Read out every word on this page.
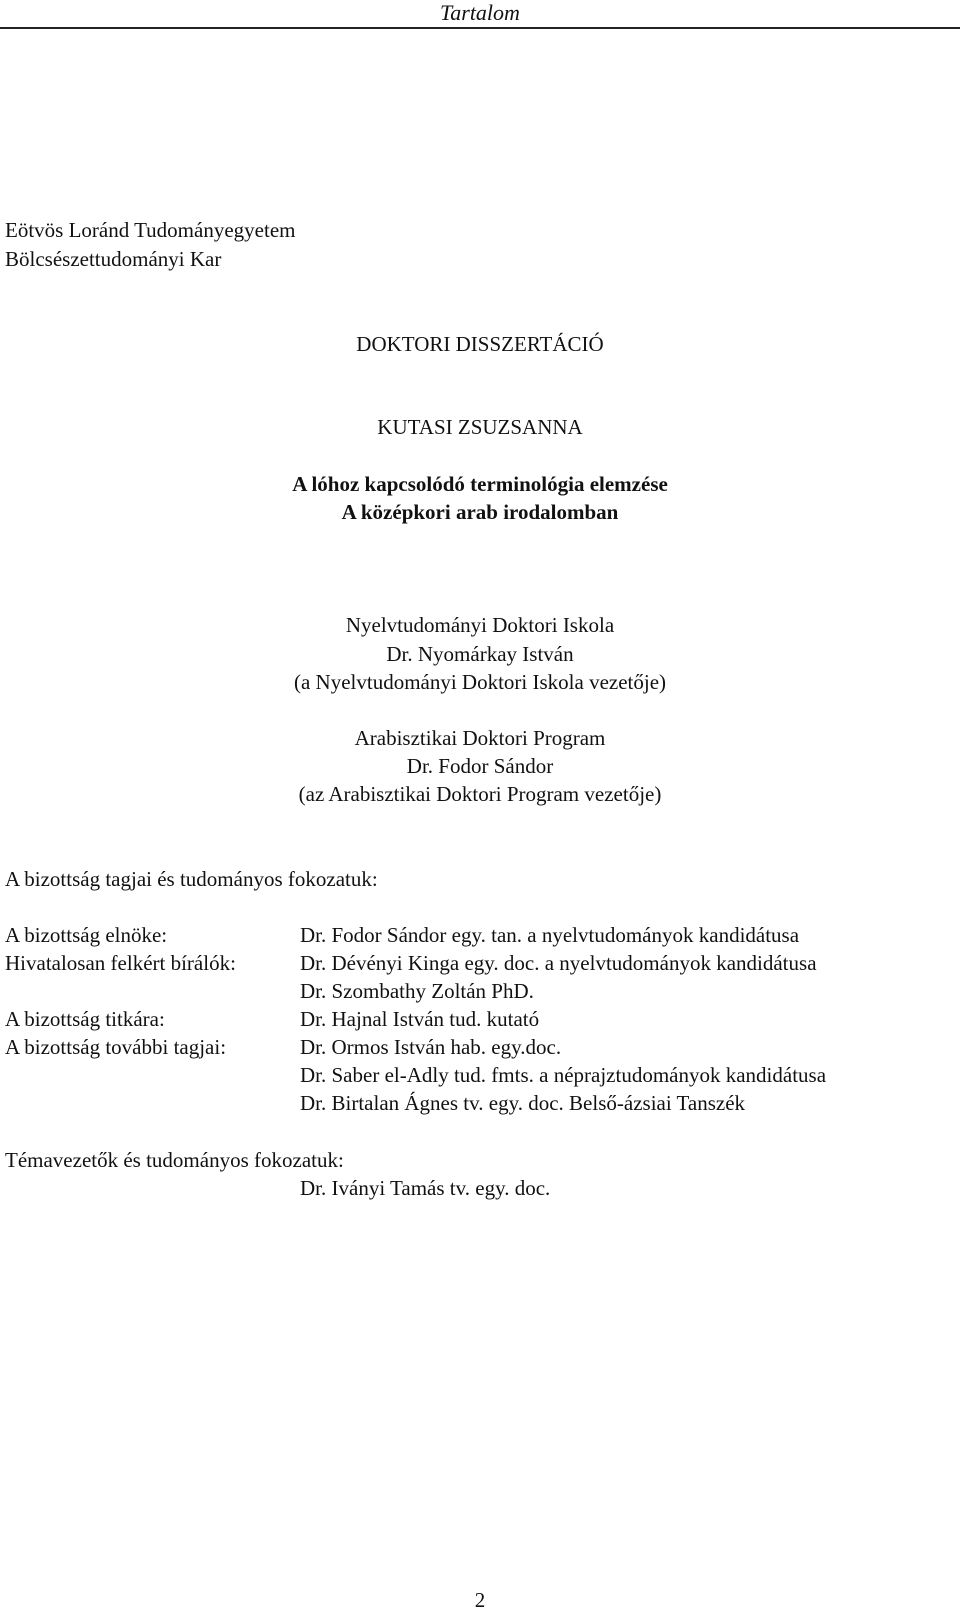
Tartalom
Eötvös Loránd Tudományegyetem
Bölcsészettudományi Kar
DOKTORI DISSZERTÁCIÓ
KUTASI ZSUZSANNA
A lóhoz kapcsolódó terminológia elemzése
A középkori arab irodalomban
Nyelvtudományi Doktori Iskola
Dr. Nyomárkay István
(a Nyelvtudományi Doktori Iskola vezetője)
Arabisztikai Doktori Program
Dr. Fodor Sándor
(az Arabisztikai Doktori Program vezetője)
A bizottság tagjai és tudományos fokozatuk:
A bizottság elnöke:	Dr. Fodor Sándor egy. tan. a nyelvtudományok kandidátusa
Hivatalosan felkért bírálók:	Dr. Dévényi Kinga egy. doc. a nyelvtudományok kandidátusa
Dr. Szombathy Zoltán PhD.
A bizottság titkára:	Dr. Hajnal István tud. kutató
A bizottság további tagjai:	Dr. Ormos István hab. egy.doc.
Dr. Saber el-Adly tud. fmts. a néprajztudományok kandidátusa
Dr. Birtalan Ágnes tv. egy. doc. Belső-ázsiai Tanszék
Témavezetők és tudományos fokozatuk:
Dr. Iványi Tamás tv. egy. doc.
2
